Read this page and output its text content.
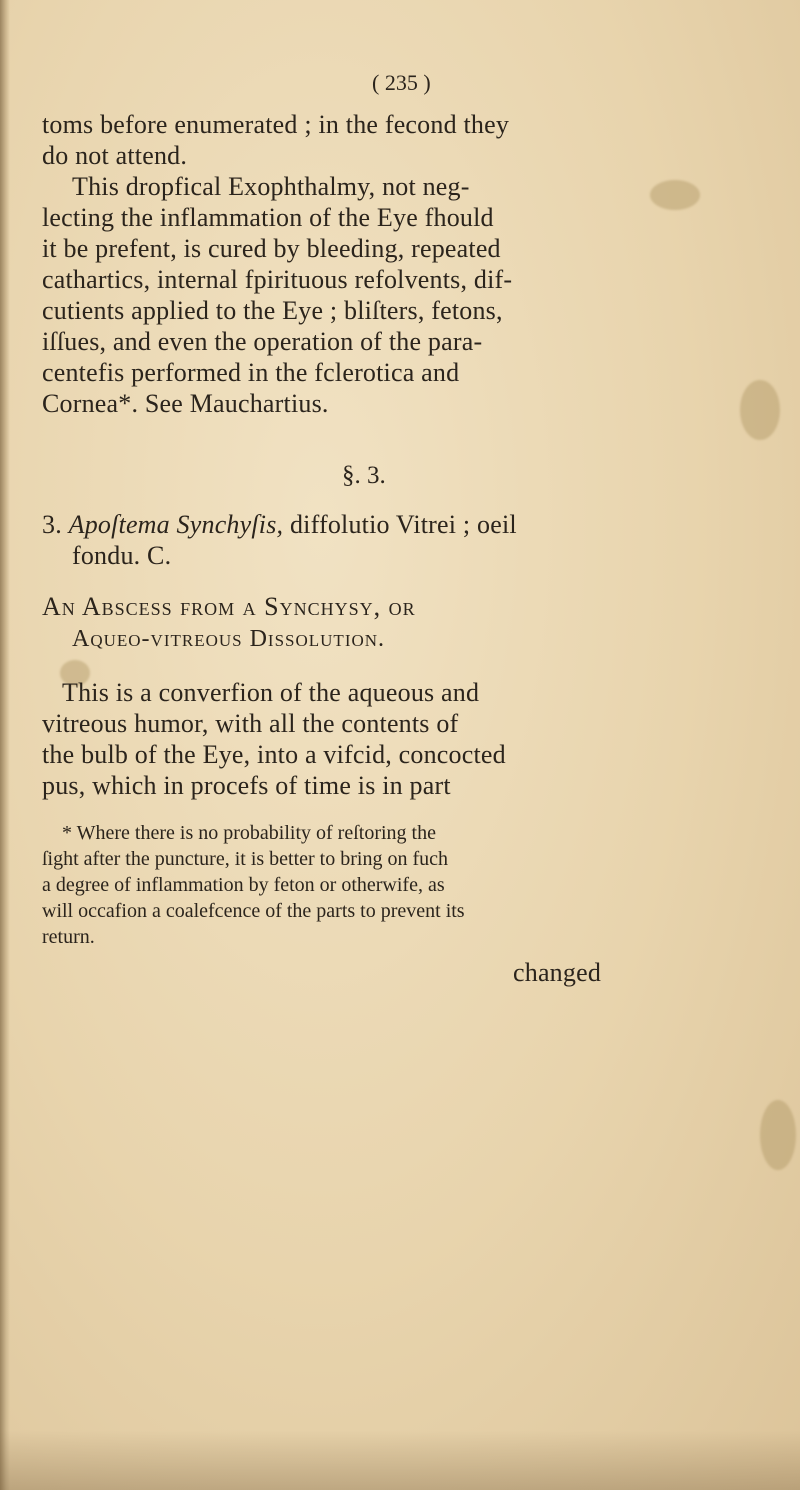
( 235 )
toms before enumerated ; in the fecond they
do not attend.
This dropfical Exophthalmy, not neg-
lecting the inflammation of the Eye fhould
it be prefent, is cured by bleeding, repeated
cathartics, internal fpirituous refolvents, dif-
cutients applied to the Eye ; bliſters, fetons,
iſſues, and even the operation of the para-
centefis performed in the fclerotica and
Cornea*. See Mauchartius.
§. 3.
3. Apoſtema Synchyſis, diffolutio Vitrei ; oeil
fondu. C.
An Abscess from a Synchysy, or
Aqueo-vitreous Dissolution.
This is a converfion of the aqueous and
vitreous humor, with all the contents of
the bulb of the Eye, into a vifcid, concocted
pus, which in procefs of time is in part
* Where there is no probability of reſtoring the
ſight after the puncture, it is better to bring on fuch
a degree of inflammation by feton or otherwife, as
will occafion a coalefcence of the parts to prevent its
return.
changed
